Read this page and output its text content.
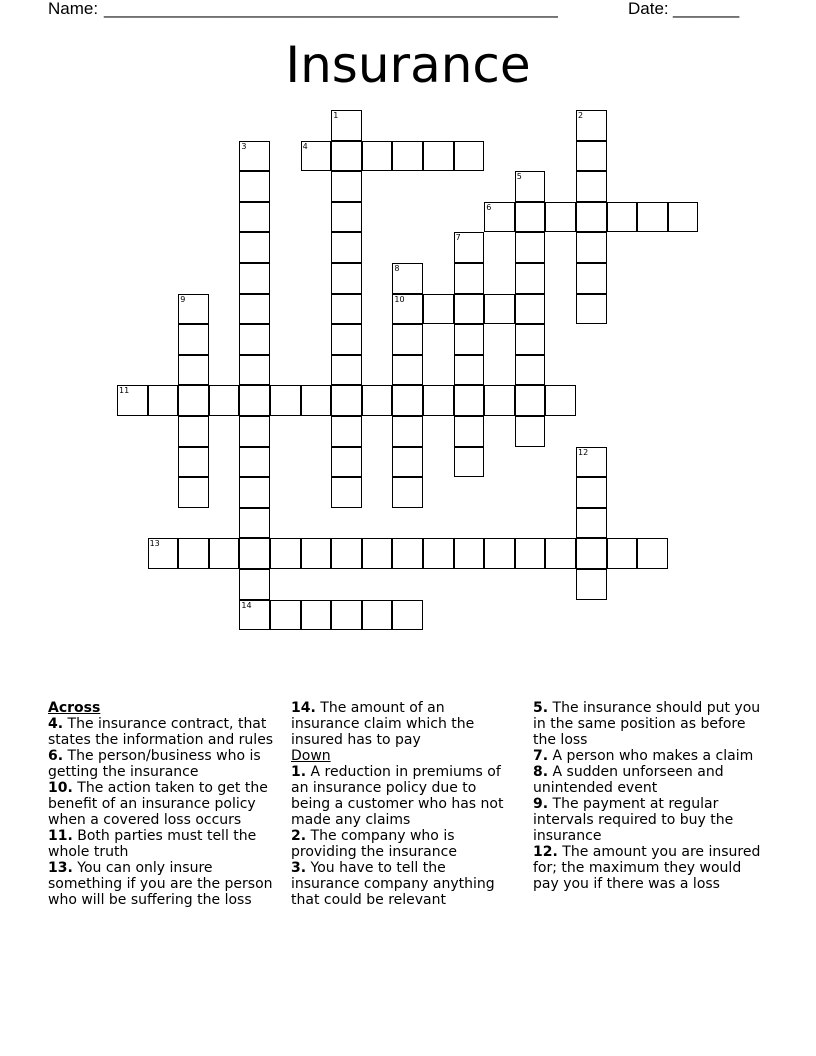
Name: ________________________________________________	Date: _______
Insurance
1	2
3	4
5
6
7
8
10
9
11
12
13
14
Across
4. The insurance contract, that states the information and rules
6. The person/business who is getting the insurance
10. The action taken to get the benefit of an insurance policy when a covered loss occurs
11. Both parties must tell the whole truth
13. You can only insure something if you are the person who will be suffering the loss
14. The amount of an insurance claim which the insured has to pay
Down
1. A reduction in premiums of an insurance policy due to being a customer who has not made any claims
2. The company who is providing the insurance
3. You have to tell the insurance company anything that could be relevant
5. The insurance should put you in the same position as before the loss
7. A person who makes a claim
8. A sudden unforseen and unintended event
9. The payment at regular intervals required to buy the insurance
12. The amount you are insured for; the maximum they would pay you if there was a loss
